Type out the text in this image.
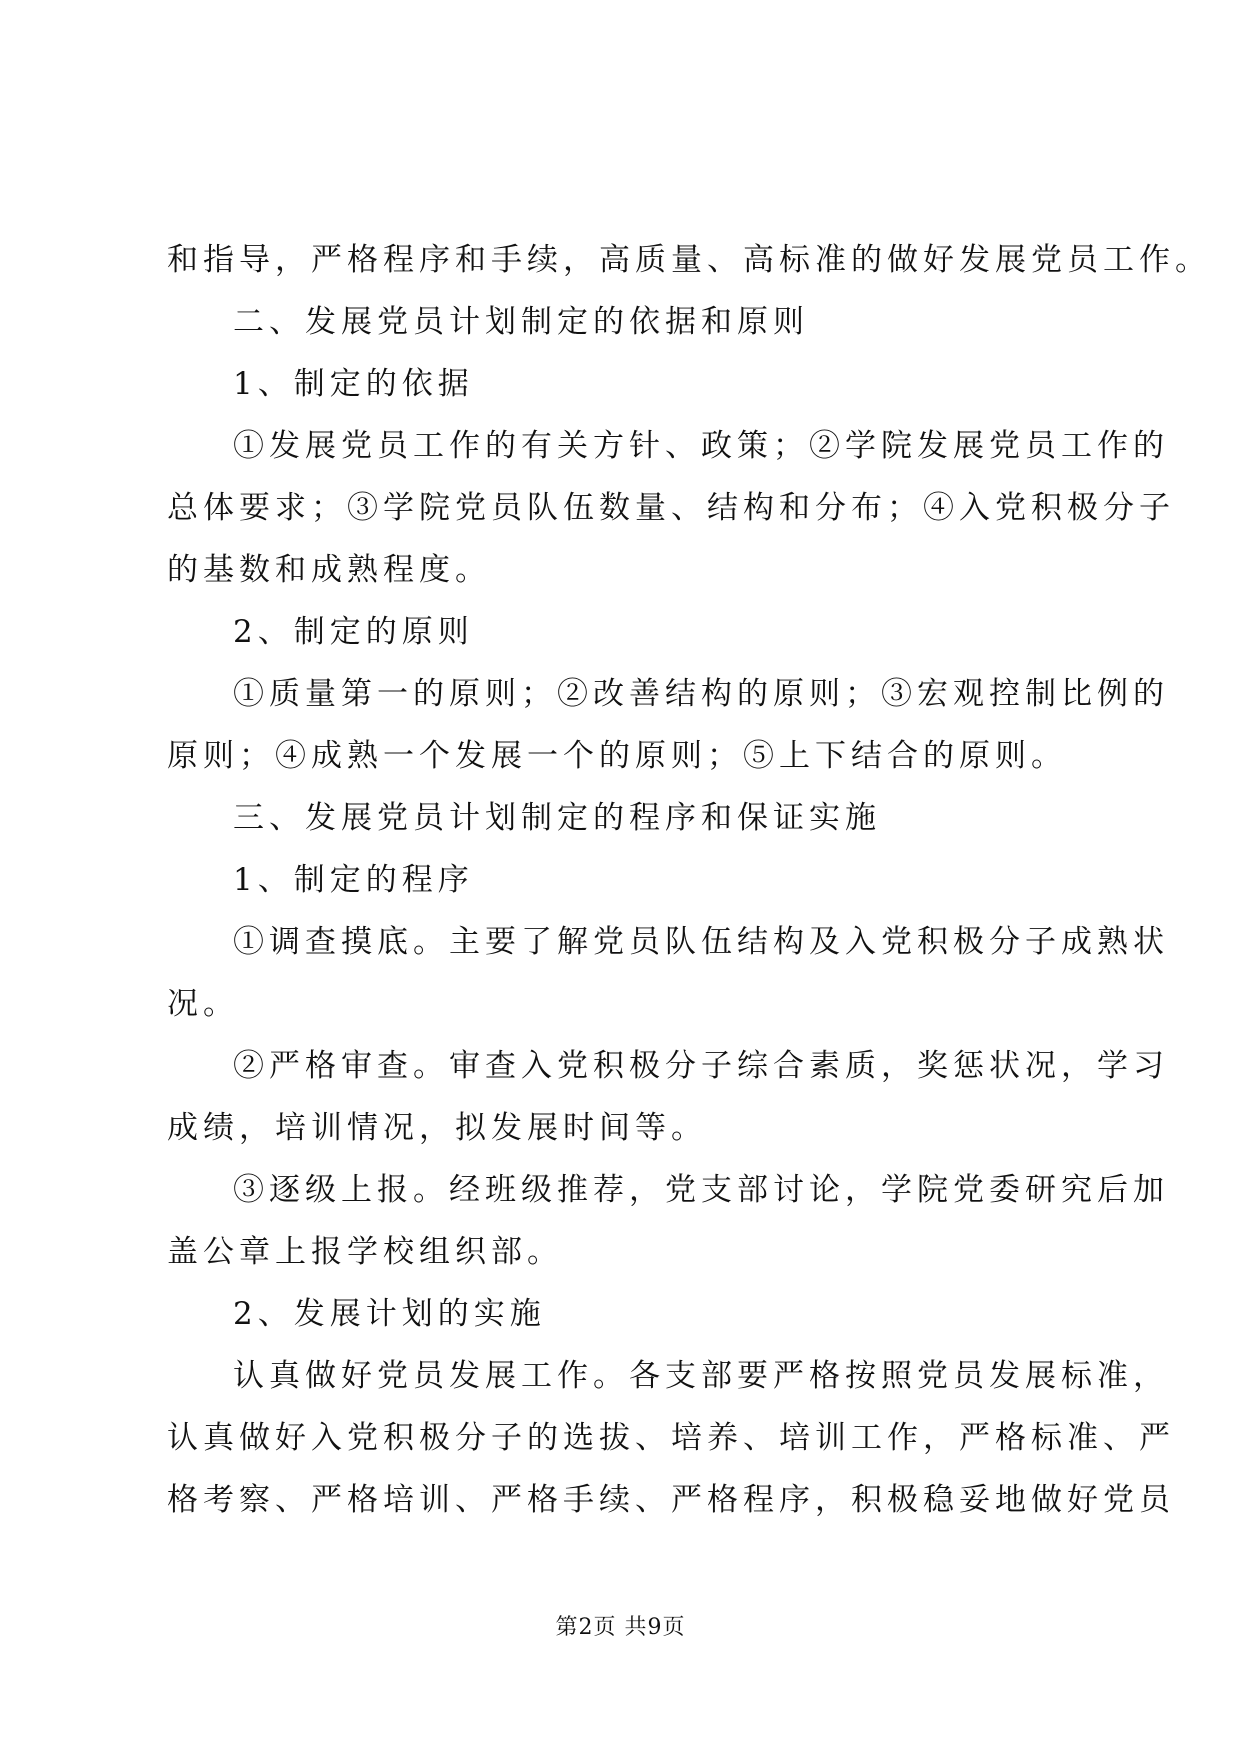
和指导，严格程序和手续，高质量、高标准的做好发展党员工作。
二、发展党员计划制定的依据和原则
1、制定的依据
①发展党员工作的有关方针、政策；②学院发展党员工作的
总体要求；③学院党员队伍数量、结构和分布；④入党积极分子
的基数和成熟程度。
2、制定的原则
①质量第一的原则；②改善结构的原则；③宏观控制比例的
原则；④成熟一个发展一个的原则；⑤上下结合的原则。
三、发展党员计划制定的程序和保证实施
1、制定的程序
①调查摸底。主要了解党员队伍结构及入党积极分子成熟状
况。
②严格审查。审查入党积极分子综合素质，奖惩状况，学习
成绩，培训情况，拟发展时间等。
③逐级上报。经班级推荐，党支部讨论，学院党委研究后加
盖公章上报学校组织部。
2、发展计划的实施
认真做好党员发展工作。各支部要严格按照党员发展标准，
认真做好入党积极分子的选拔、培养、培训工作，严格标准、严
格考察、严格培训、严格手续、严格程序，积极稳妥地做好党员
第2页 共9页
